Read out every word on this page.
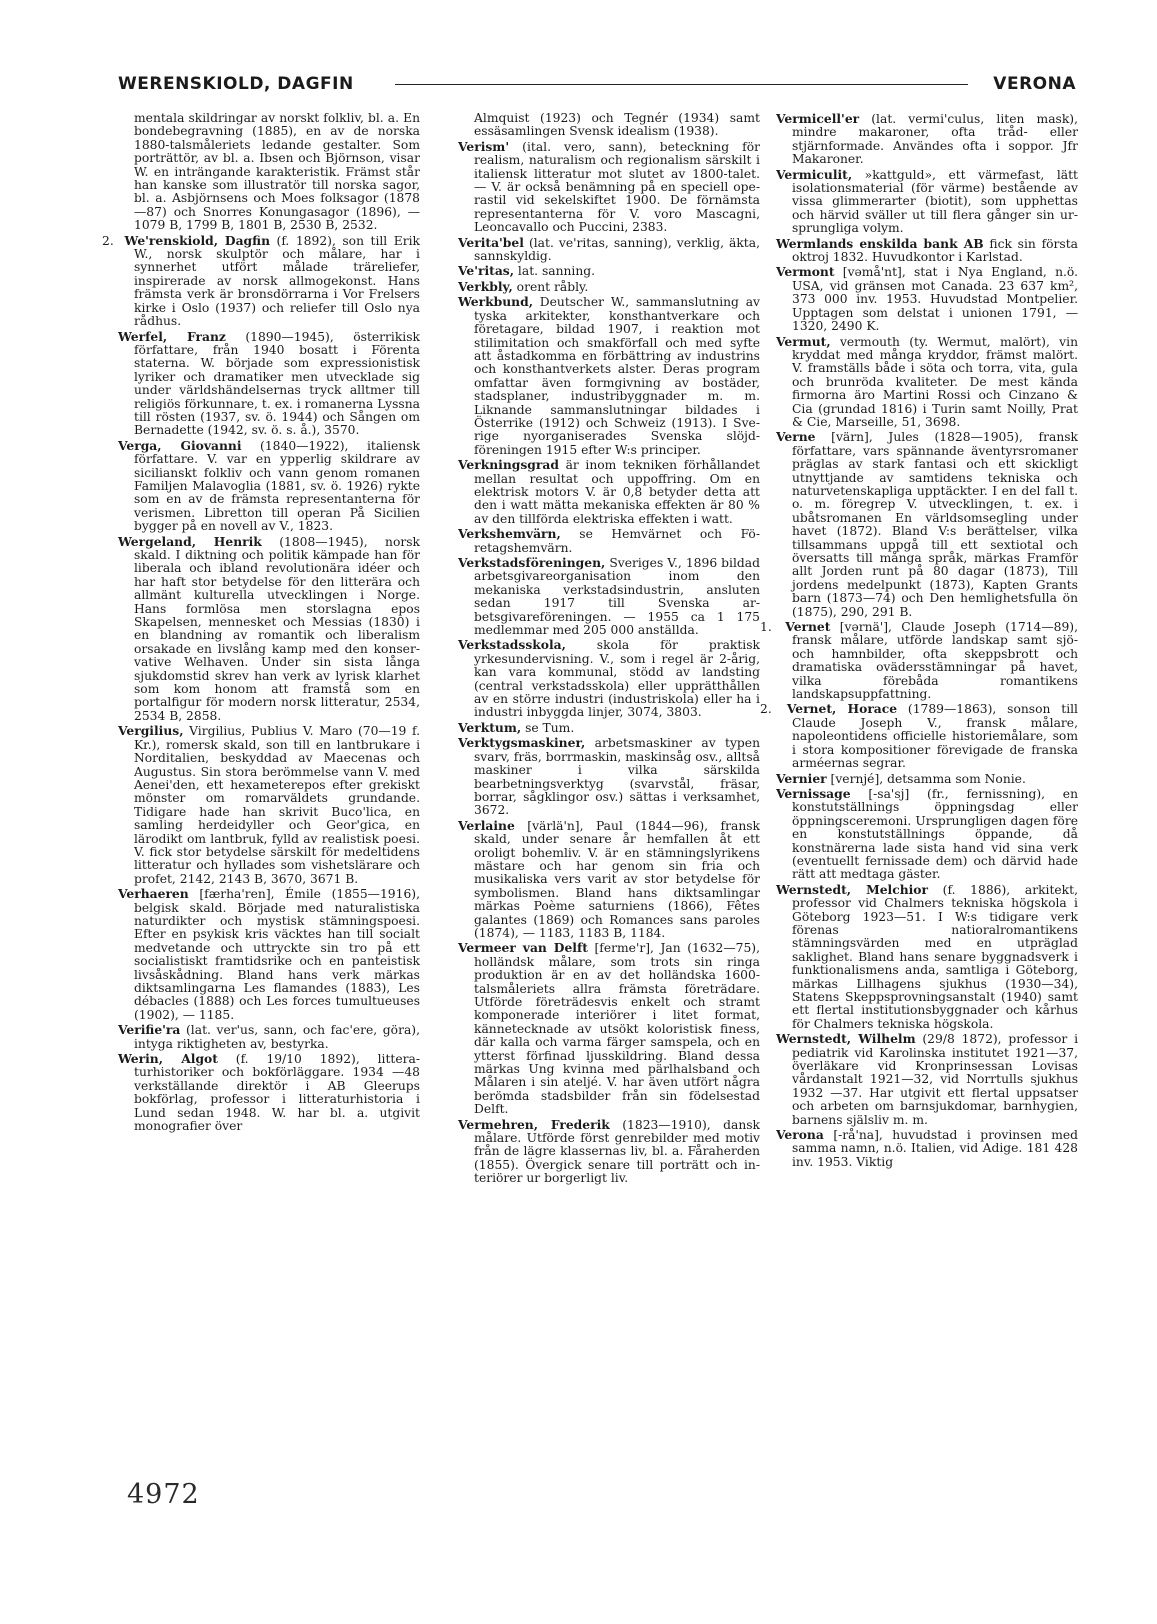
WERENSKIOLD, DAGFIN	VERONA

mentala skildringar av norskt folkliv, bl. a. En bondebegravning (1885), en av de norska 1880-talsmåleriets ledande gestalter. Som porträttör, av bl. a. Ibsen och Björnson, visar W. en inträngande karakteristik. Främst står han kanske som illustratör till norska sagor, bl. a. Asbjörnsens och Moes folksagor (1878—87) och Snorres Konungasagor (1896), — 1079 B, 1799 B, 1801 B, 2530 B, 2532.

2. We'renskiold, Dagfin (f. 1892), son till Erik W., norsk skulptör och målare, har i synnerhet utfört målade träreliefer, inspirerade av norsk allmogekonst. Hans främsta verk är bronsdörrarna i Vor Frelsers kirke i Oslo (1937) och reliefer till Oslo nya rådhus.

Werfel, Franz (1890—1945), österrikisk författare, från 1940 bosatt i Förenta staterna. W. började som expressionistisk lyriker och dramatiker men utvecklade sig under världshändelsernas tryck alltmer till religiös förkunnare, t. ex. i romanerna Lyssna till rösten (1937, sv. ö. 1944) och Sången om Bernadette (1942, sv. ö. s. å.), 3570.

Verga, Giovanni (1840—1922), italiensk författare. V. var en ypperlig skildrare av sicilianskt folkliv och vann genom romanen Familjen Malavoglia (1881, sv. ö. 1926) rykte som en av de främsta representanterna för verismen. Libretton till operan På Sicilien bygger på en novell av V., 1823.

Wergeland, Henrik (1808—1945), norsk skald. I diktning och politik kämpade han för liberala och ibland revolutionära idéer och har haft stor betydelse för den litterära och allmänt kulturella utvecklingen i Norge. Hans formlösa men storslagna epos Skapelsen, mennesket och Messias (1830) i en blandning av romantik och liberalism orsakade en livslång kamp med den konservative Welhaven. Under sin sista långa sjukdomstid skrev han verk av lyrisk klarhet som kom honom att framstå som en portalfigur för modern norsk litteratur, 2534, 2534 B, 2858.

Vergilius, Virgilius, Publius V. Maro (70—19 f. Kr.), romersk skald, son till en lantbrukare i Norditalien, beskyddad av Maecenas och Augustus. Sin stora berömmelse vann V. med Aenei'den, ett hexameterepos efter grekiskt mönster om romarväldets grundande. Tidigare hade han skrivit Buco'lica, en samling herdeidyller och Geor'gica, en lärodikt om lantbruk, fylld av realistisk poesi. V. fick stor betydelse särskilt för medeltidens litteratur och hyllades som vishetslärare och profet, 2142, 2143 B, 3670, 3671 B.

Verhaeren [færha'ren], Émile (1855—1916), belgisk skald. Började med naturalistiska naturdikter och mystisk stämningspoesi. Efter en psykisk kris väcktes han till socialt medvetande och uttryckte sin tro på ett socialistiskt framtidsrike och en panteistisk livsåskådning. Bland hans verk märkas diktsamlingarna Les flamandes (1883), Les débacles (1888) och Les forces tumultueuses (1902), — 1185.

Verifie'ra (lat. ver'us, sann, och fac'ere, göra), intyga riktigheten av, bestyrka.

Werin, Algot (f. 19/10 1892), litteraturhistoriker och bokförläggare. 1934 —48 verkställande direktör i AB Gleerups bokförlag, professor i litteraturhistoria i Lund sedan 1948. W. har bl. a. utgivit monografier över

Almquist (1923) och Tegnér (1934) samt essäsamlingen Svensk idealism (1938).

Verism' (ital. vero, sann), beteckning för realism, naturalism och regionalism särskilt i italiensk litteratur mot slutet av 1800-talet. — V. är också benämning på en speciell operastil vid sekelskiftet 1900. De förnämsta representanterna för V. voro Mascagni, Leoncavallo och Puccini, 2383.

Verita'bel (lat. ve'ritas, sanning), verklig, äkta, sannskyldig.

Ve'ritas, lat. sanning.

Verkbly, orent råbly.

Werkbund, Deutscher W., sammanslutning av tyska arkitekter, konsthantverkare och företagare, bildad 1907, i reaktion mot stilimitation och smakförfall och med syfte att åstadkomma en förbättring av industrins och konsthantverkets alster. Deras program omfattar även formgivning av bostäder, stadsplaner, industribyggnader m. m. Liknande sammanslutningar bildades i Österrike (1912) och Schweiz (1913). I Sverige nyorganiserades Svenska slöjdföreningen 1915 efter W:s principer.

Verkningsgrad är inom tekniken förhållandet mellan resultat och uppoffring. Om en elektrisk motors V. är 0,8 betyder detta att den i watt mätta mekaniska effekten är 80 % av den tillförda elektriska effekten i watt.

Verkshemvärn, se Hemvärnet och Företagshemvärn.

Verkstadsföreningen, Sveriges V., 1896 bildad arbetsgivareorganisation inom den mekaniska verkstadsindustrin, ansluten sedan 1917 till Svenska arbetsgivareföreningen. — 1955 ca 1 175 medlemmar med 205 000 anställda.

Verkstadsskola, skola för praktisk yrkesundervisning. V., som i regel är 2-årig, kan vara kommunal, stödd av landsting (central verkstadsskola) eller upprätthållen av en större industri (industriskola) eller ha i industri inbyggda linjer, 3074, 3803.

Verktum, se Tum.

Verktygsmaskiner, arbetsmaskiner av typen svarv, fräs, borrmaskin, maskinsåg osv., alltså maskiner i vilka särskilda bearbetningsverktyg (svarvstål, fräsar, borrar, sågklingor osv.) sättas i verksamhet, 3672.

Verlaine [värlä'n], Paul (1844—96), fransk skald, under senare år hemfallen åt ett oroligt bohemliv. V. är en stämningslyrikens mästare och har genom sin fria och musikaliska vers varit av stor betydelse för symbolismen. Bland hans diktsamlingar märkas Poème saturniens (1866), Fêtes galantes (1869) och Romances sans paroles (1874), — 1183, 1183 B, 1184.

Vermeer van Delft [ferme'r], Jan (1632—75), holländsk målare, som trots sin ringa produktion är en av det holländska 1600-talsmåleriets allra främsta företrädare. Utförde företrädesvis enkelt och stramt komponerade interiörer i litet format, kännetecknade av utsökt koloristisk finess, där kalla och varma färger samspela, och en ytterst förfinad ljusskildring. Bland dessa märkas Ung kvinna med pärlhalsband och Målaren i sin ateljé. V. har även utfört några berömda stadsbilder från sin födelsestad Delft.

Vermehren, Frederik (1823—1910), dansk målare. Utförde först genrebilder med motiv från de lägre klassernas liv, bl. a. Fåraherden (1855). Övergick senare till porträtt och interiörer ur borgerligt liv.

Vermicell'er (lat. vermi'culus, liten mask), mindre makaroner, ofta tråd- eller stjärnformade. Användes ofta i soppor. Jfr Makaroner.

Vermiculit, »kattguld», ett värmefast, lätt isolationsmaterial (för värme) bestående av vissa glimmerarter (biotit), som upphettas och härvid sväller ut till flera gånger sin ursprungliga volym.

Wermlands enskilda bank AB fick sin första oktroj 1832. Huvudkontor i Karlstad.

Vermont [vəmå'nt], stat i Nya England, n.ö. USA, vid gränsen mot Canada. 23 637 km², 373 000 inv. 1953. Huvudstad Montpelier. Upptagen som delstat i unionen 1791, — 1320, 2490 K.

Vermut, vermouth (ty. Wermut, malört), vin kryddat med många kryddor, främst malört. V. framställs både i söta och torra, vita, gula och brunröda kvaliteter. De mest kända firmorna äro Martini Rossi och Cinzano & Cia (grundad 1816) i Turin samt Noilly, Prat & Cie, Marseille, 51, 3698.

Verne [värn], Jules (1828—1905), fransk författare, vars spännande äventyrsromaner präglas av stark fantasi och ett skickligt utnyttjande av samtidens tekniska och naturvetenskapliga upptäckter. I en del fall t. o. m. föregrep V. utvecklingen, t. ex. i ubåtsromanen En världsomsegling under havet (1872). Bland V:s berättelser, vilka tillsammans uppgå till ett sextiotal och översatts till många språk, märkas Framför allt Jorden runt på 80 dagar (1873), Till jordens medelpunkt (1873), Kapten Grants barn (1873—74) och Den hemlighetsfulla ön (1875), 290, 291 B.

1. Vernet [vərnä'], Claude Joseph (1714—89), fransk målare, utförde landskap samt sjö- och hamnbilder, ofta skeppsbrott och dramatiska ovädersstämningar på havet, vilka förebåda romantikens landskapsuppfattning.

2. Vernet, Horace (1789—1863), sonson till Claude Joseph V., fransk målare, napoleontidens officielle historiemålare, som i stora kompositioner förevigade de franska arméernas segrar.

Vernier [vernjé], detsamma som Nonie.

Vernissage [-sa'sj] (fr., fernissning), en konstutställnings öppningsdag eller öppningsceremoni. Ursprungligen dagen före en konstutställnings öppande, då konstnärerna lade sista hand vid sina verk (eventuellt fernissade dem) och därvid hade rätt att medtaga gäster.

Wernstedt, Melchior (f. 1886), arkitekt, professor vid Chalmers tekniska högskola i Göteborg 1923—51. I W:s tidigare verk förenas natioralromantikens stämningsvärden med en utpräglad saklighet. Bland hans senare byggnadsverk i funktionalismens anda, samtliga i Göteborg, märkas Lillhagens sjukhus (1930—34), Statens Skeppsprovningsanstalt (1940) samt ett flertal institutionsbyggnader och kårhus för Chalmers tekniska högskola.

Wernstedt, Wilhelm (29/8 1872), professor i pediatrik vid Karolinska institutet 1921—37, överläkare vid Kronprinsessan Lovisas vårdanstalt 1921—32, vid Norrtulls sjukhus 1932 —37. Har utgivit ett flertal uppsatser och arbeten om barnsjukdomar, barnhygien, barnens själsliv m. m.

Verona [-rå'na], huvudstad i provinsen med samma namn, n.ö. Italien, vid Adige. 181 428 inv. 1953. Viktig

4972
